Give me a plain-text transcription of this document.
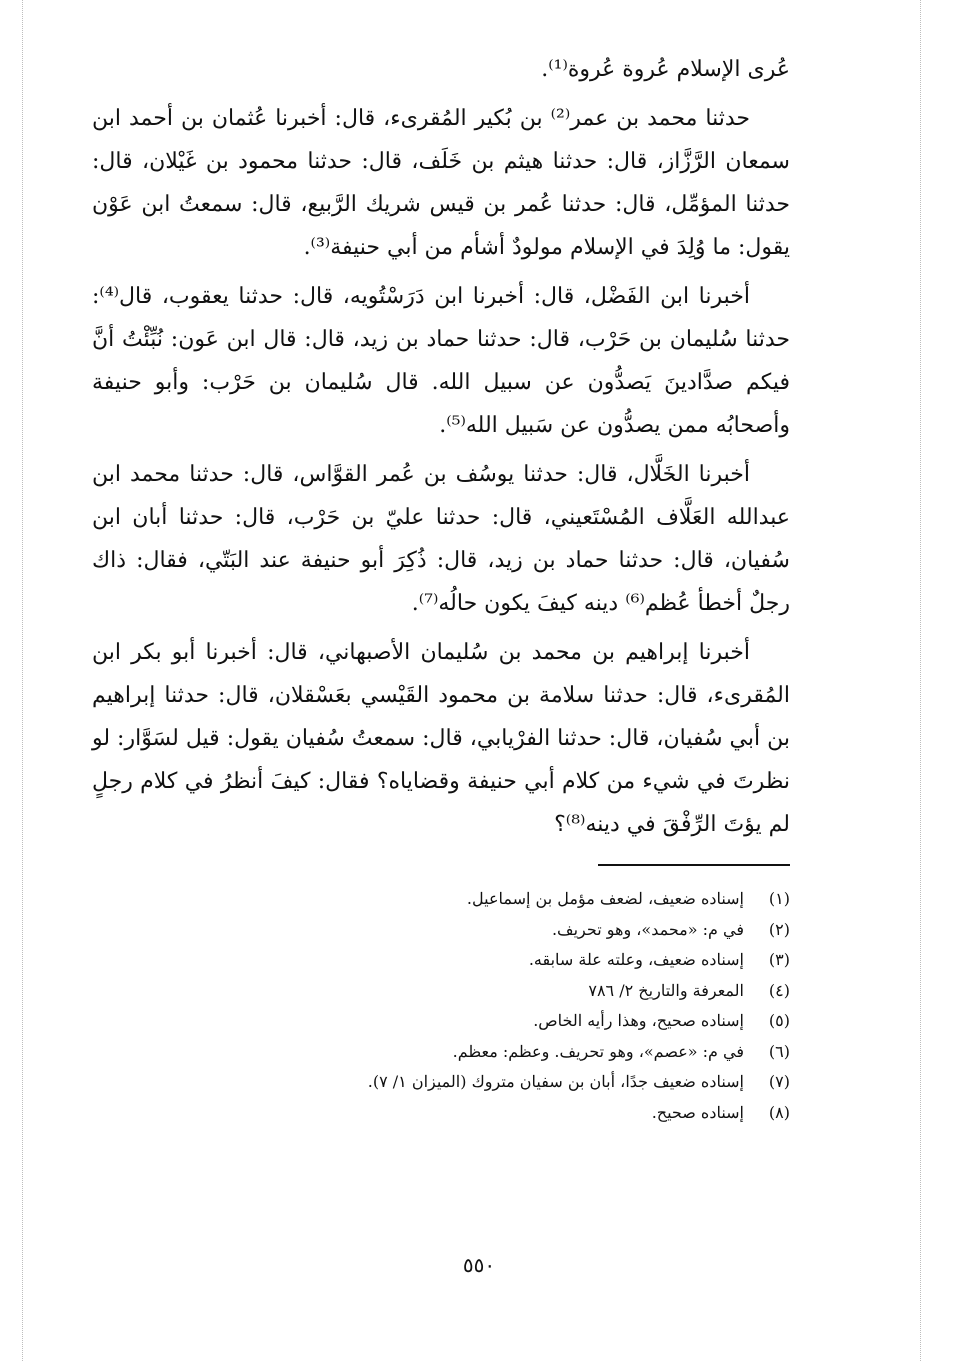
عُرى الإسلام عُروة عُروة⁽¹⁾.

حدثنا محمد بن عمر⁽²⁾ بن بُكير المُقرىء، قال: أخبرنا عُثمان بن أحمد ابن سمعان الرَّزَّاز، قال: حدثنا هيثم بن خَلَف، قال: حدثنا محمود بن غَيْلان، قال: حدثنا المؤمِّل، قال: حدثنا عُمر بن قيس شريك الرَّبيع، قال: سمعتُ ابن عَوْن يقول: ما وُلِدَ في الإسلام مولودٌ أشأم من أبي حنيفة⁽³⁾.

أخبرنا ابن الفَضْل، قال: أخبرنا ابن دَرَسْتُويه، قال: حدثنا يعقوب، قال⁽⁴⁾: حدثنا سُليمان بن حَرْب، قال: حدثنا حماد بن زيد، قال: قال ابن عَون: نُبِّئْتُ أنَّ فيكم صدَّادينَ يَصدُّون عن سبيل الله. قال سُليمان بن حَرْب: وأبو حنيفة وأصحابُه ممن يصدُّون عن سَبيل الله⁽⁵⁾.

أخبرنا الخَلَّال، قال: حدثنا يوسُف بن عُمر القوَّاس، قال: حدثنا محمد ابن عبدالله العَلَّاف المُسْتَعيني، قال: حدثنا عليّ بن حَرْب، قال: حدثنا أبان ابن سُفيان، قال: حدثنا حماد بن زيد، قال: ذُكِرَ أبو حنيفة عند البَتّي، فقال: ذاك رجلٌ أخطأ عُظم⁽⁶⁾ دينه كيفَ يكون حالُه⁽⁷⁾.

أخبرنا إبراهيم بن محمد بن سُليمان الأصبهاني، قال: أخبرنا أبو بكر ابن المُقرىء، قال: حدثنا سلامة بن محمود القَيْسي بعَسْقلان، قال: حدثنا إبراهيم بن أبي سُفيان، قال: حدثنا الفرْيابي، قال: سمعتُ سُفيان يقول: قيل لسَوَّار: لو نظرتَ في شيء من كلام أبي حنيفة وقضاياه؟ فقال: كيفَ أنظرُ في كلام رجلٍ لم يؤتَ الرِّفْقَ في دينه⁽⁸⁾؟

(١)
إسناده ضعيف، لضعف مؤمل بن إسماعيل.
(٢)
في م: «محمد»، وهو تحريف.
(٣)
إسناده ضعيف، وعلته علة سابقه.
(٤)
المعرفة والتاريخ ٢/ ٧٨٦
(٥)
إسناده صحيح، وهذا رأيه الخاص.
(٦)
في م: «عصم»، وهو تحريف. وعظم: معظم.
(٧)
إسناده ضعيف جدًا، أبان بن سفيان متروك (الميزان ١/ ٧).
(٨)
إسناده صحيح.
٥٥٠
